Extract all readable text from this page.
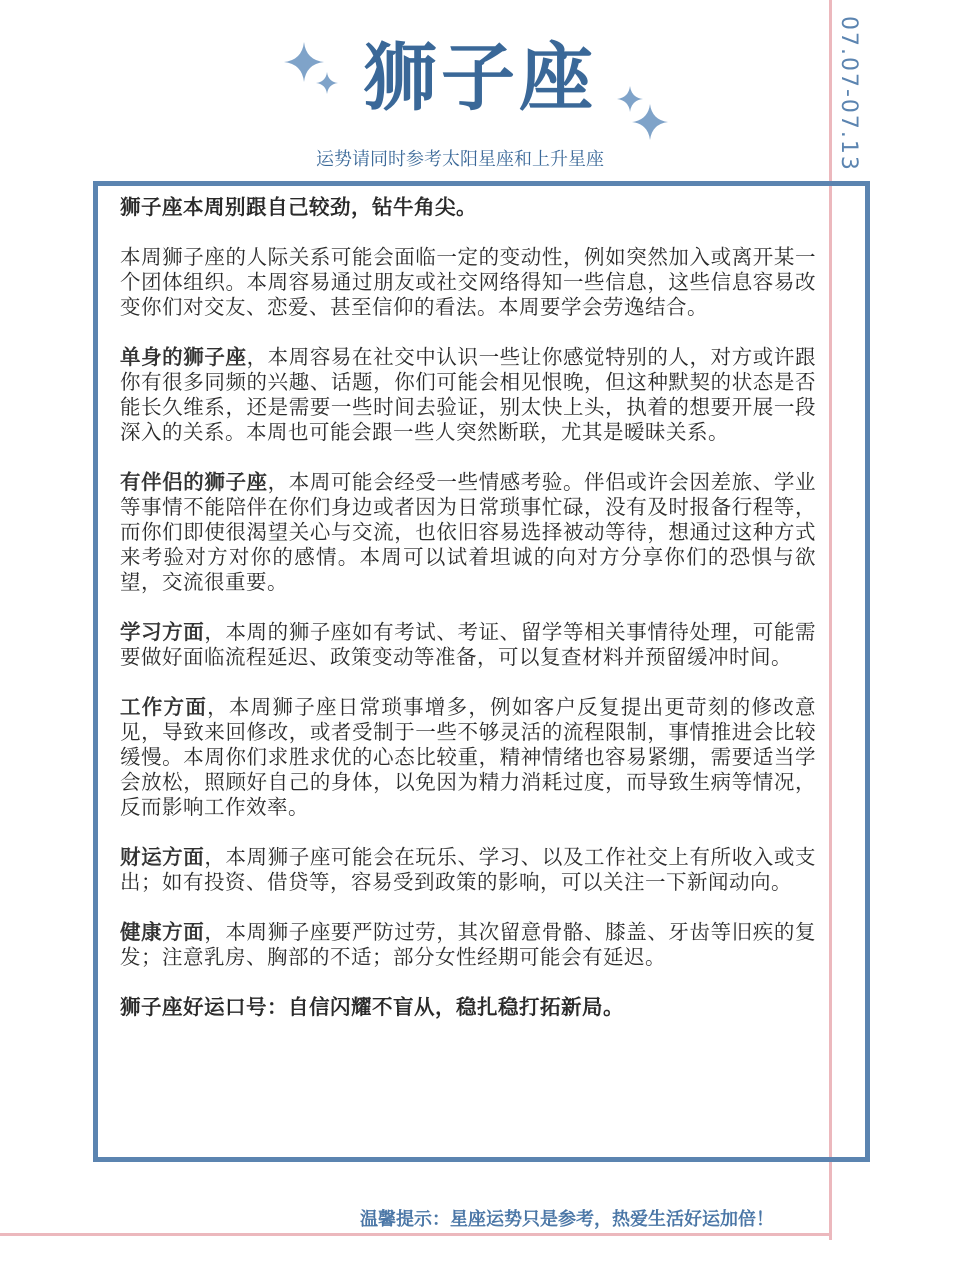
07.07-07.13
狮子座
运势请同时参考太阳星座和上升星座

狮子座本周别跟自己较劲，钻牛角尖。

本周狮子座的人际关系可能会面临一定的变动性，例如突然加入或离开某一个团体组织。本周容易通过朋友或社交网络得知一些信息，这些信息容易改变你们对交友、恋爱、甚至信仰的看法。本周要学会劳逸结合。

单身的狮子座，本周容易在社交中认识一些让你感觉特别的人，对方或许跟你有很多同频的兴趣、话题，你们可能会相见恨晚，但这种默契的状态是否能长久维系，还是需要一些时间去验证，别太快上头，执着的想要开展一段深入的关系。本周也可能会跟一些人突然断联，尤其是暧昧关系。

有伴侣的狮子座，本周可能会经受一些情感考验。伴侣或许会因差旅、学业等事情不能陪伴在你们身边或者因为日常琐事忙碌，没有及时报备行程等，而你们即使很渴望关心与交流，也依旧容易选择被动等待，想通过这种方式来考验对方对你的感情。本周可以试着坦诚的向对方分享你们的恐惧与欲望，交流很重要。

学习方面，本周的狮子座如有考试、考证、留学等相关事情待处理，可能需要做好面临流程延迟、政策变动等准备，可以复查材料并预留缓冲时间。

工作方面，本周狮子座日常琐事增多，例如客户反复提出更苛刻的修改意见，导致来回修改，或者受制于一些不够灵活的流程限制，事情推进会比较缓慢。本周你们求胜求优的心态比较重，精神情绪也容易紧绷，需要适当学会放松，照顾好自己的身体，以免因为精力消耗过度，而导致生病等情况，反而影响工作效率。

财运方面，本周狮子座可能会在玩乐、学习、以及工作社交上有所收入或支出；如有投资、借贷等，容易受到政策的影响，可以关注一下新闻动向。

健康方面，本周狮子座要严防过劳，其次留意骨骼、膝盖、牙齿等旧疾的复发；注意乳房、胸部的不适；部分女性经期可能会有延迟。

狮子座好运口号：自信闪耀不盲从，稳扎稳打拓新局。

温馨提示：星座运势只是参考，热爱生活好运加倍！
